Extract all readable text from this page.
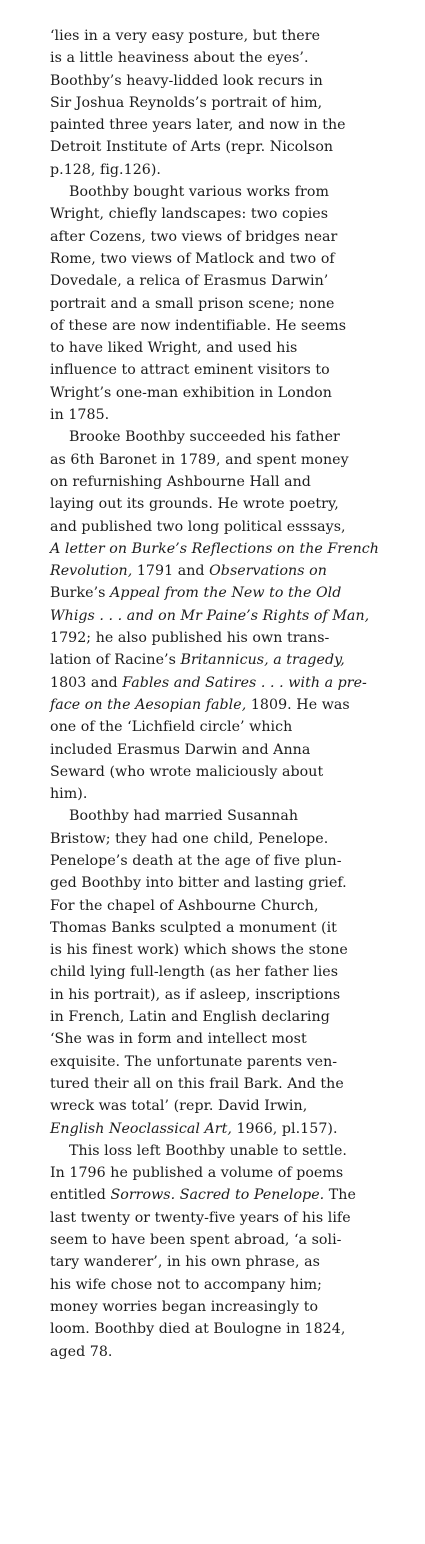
‘lies in a very easy posture, but there
is a little heaviness about the eyes’.
Boothby’s heavy-lidded look recurs in
Sir Joshua Reynolds’s portrait of him,
painted three years later, and now in the
Detroit Institute of Arts (repr. Nicolson
p.128, fig.126).
Boothby bought various works from
Wright, chiefly landscapes: two copies
after Cozens, two views of bridges near
Rome, two views of Matlock and two of
Dovedale, a relica of Erasmus Darwin’
portrait and a small prison scene; none
of these are now indentifiable. He seems
to have liked Wright, and used his
influence to attract eminent visitors to
Wright’s one-man exhibition in London
in 1785.
Brooke Boothby succeeded his father
as 6th Baronet in 1789, and spent money
on refurnishing Ashbourne Hall and
laying out its grounds. He wrote poetry,
and published two long political esssays,
A letter on Burke’s Reflections on the French
Revolution, 1791 and Observations on
Burke’s Appeal from the New to the Old
Whigs . . . and on Mr Paine’s Rights of Man,
1792; he also published his own trans-
lation of Racine’s Britannicus, a tragedy,
1803 and Fables and Satires . . . with a pre-
face on the Aesopian fable, 1809. He was
one of the ‘Lichfield circle’ which
included Erasmus Darwin and Anna
Seward (who wrote maliciously about
him).
Boothby had married Susannah
Bristow; they had one child, Penelope.
Penelope’s death at the age of five plun-
ged Boothby into bitter and lasting grief.
For the chapel of Ashbourne Church,
Thomas Banks sculpted a monument (it
is his finest work) which shows the stone
child lying full-length (as her father lies
in his portrait), as if asleep, inscriptions
in French, Latin and English declaring
‘She was in form and intellect most
exquisite. The unfortunate parents ven-
tured their all on this frail Bark. And the
wreck was total’ (repr. David Irwin,
English Neoclassical Art, 1966, pl.157).
This loss left Boothby unable to settle.
In 1796 he published a volume of poems
entitled Sorrows. Sacred to Penelope. The
last twenty or twenty-five years of his life
seem to have been spent abroad, ‘a soli-
tary wanderer’, in his own phrase, as
his wife chose not to accompany him;
money worries began increasingly to
loom. Boothby died at Boulogne in 1824,
aged 78.
